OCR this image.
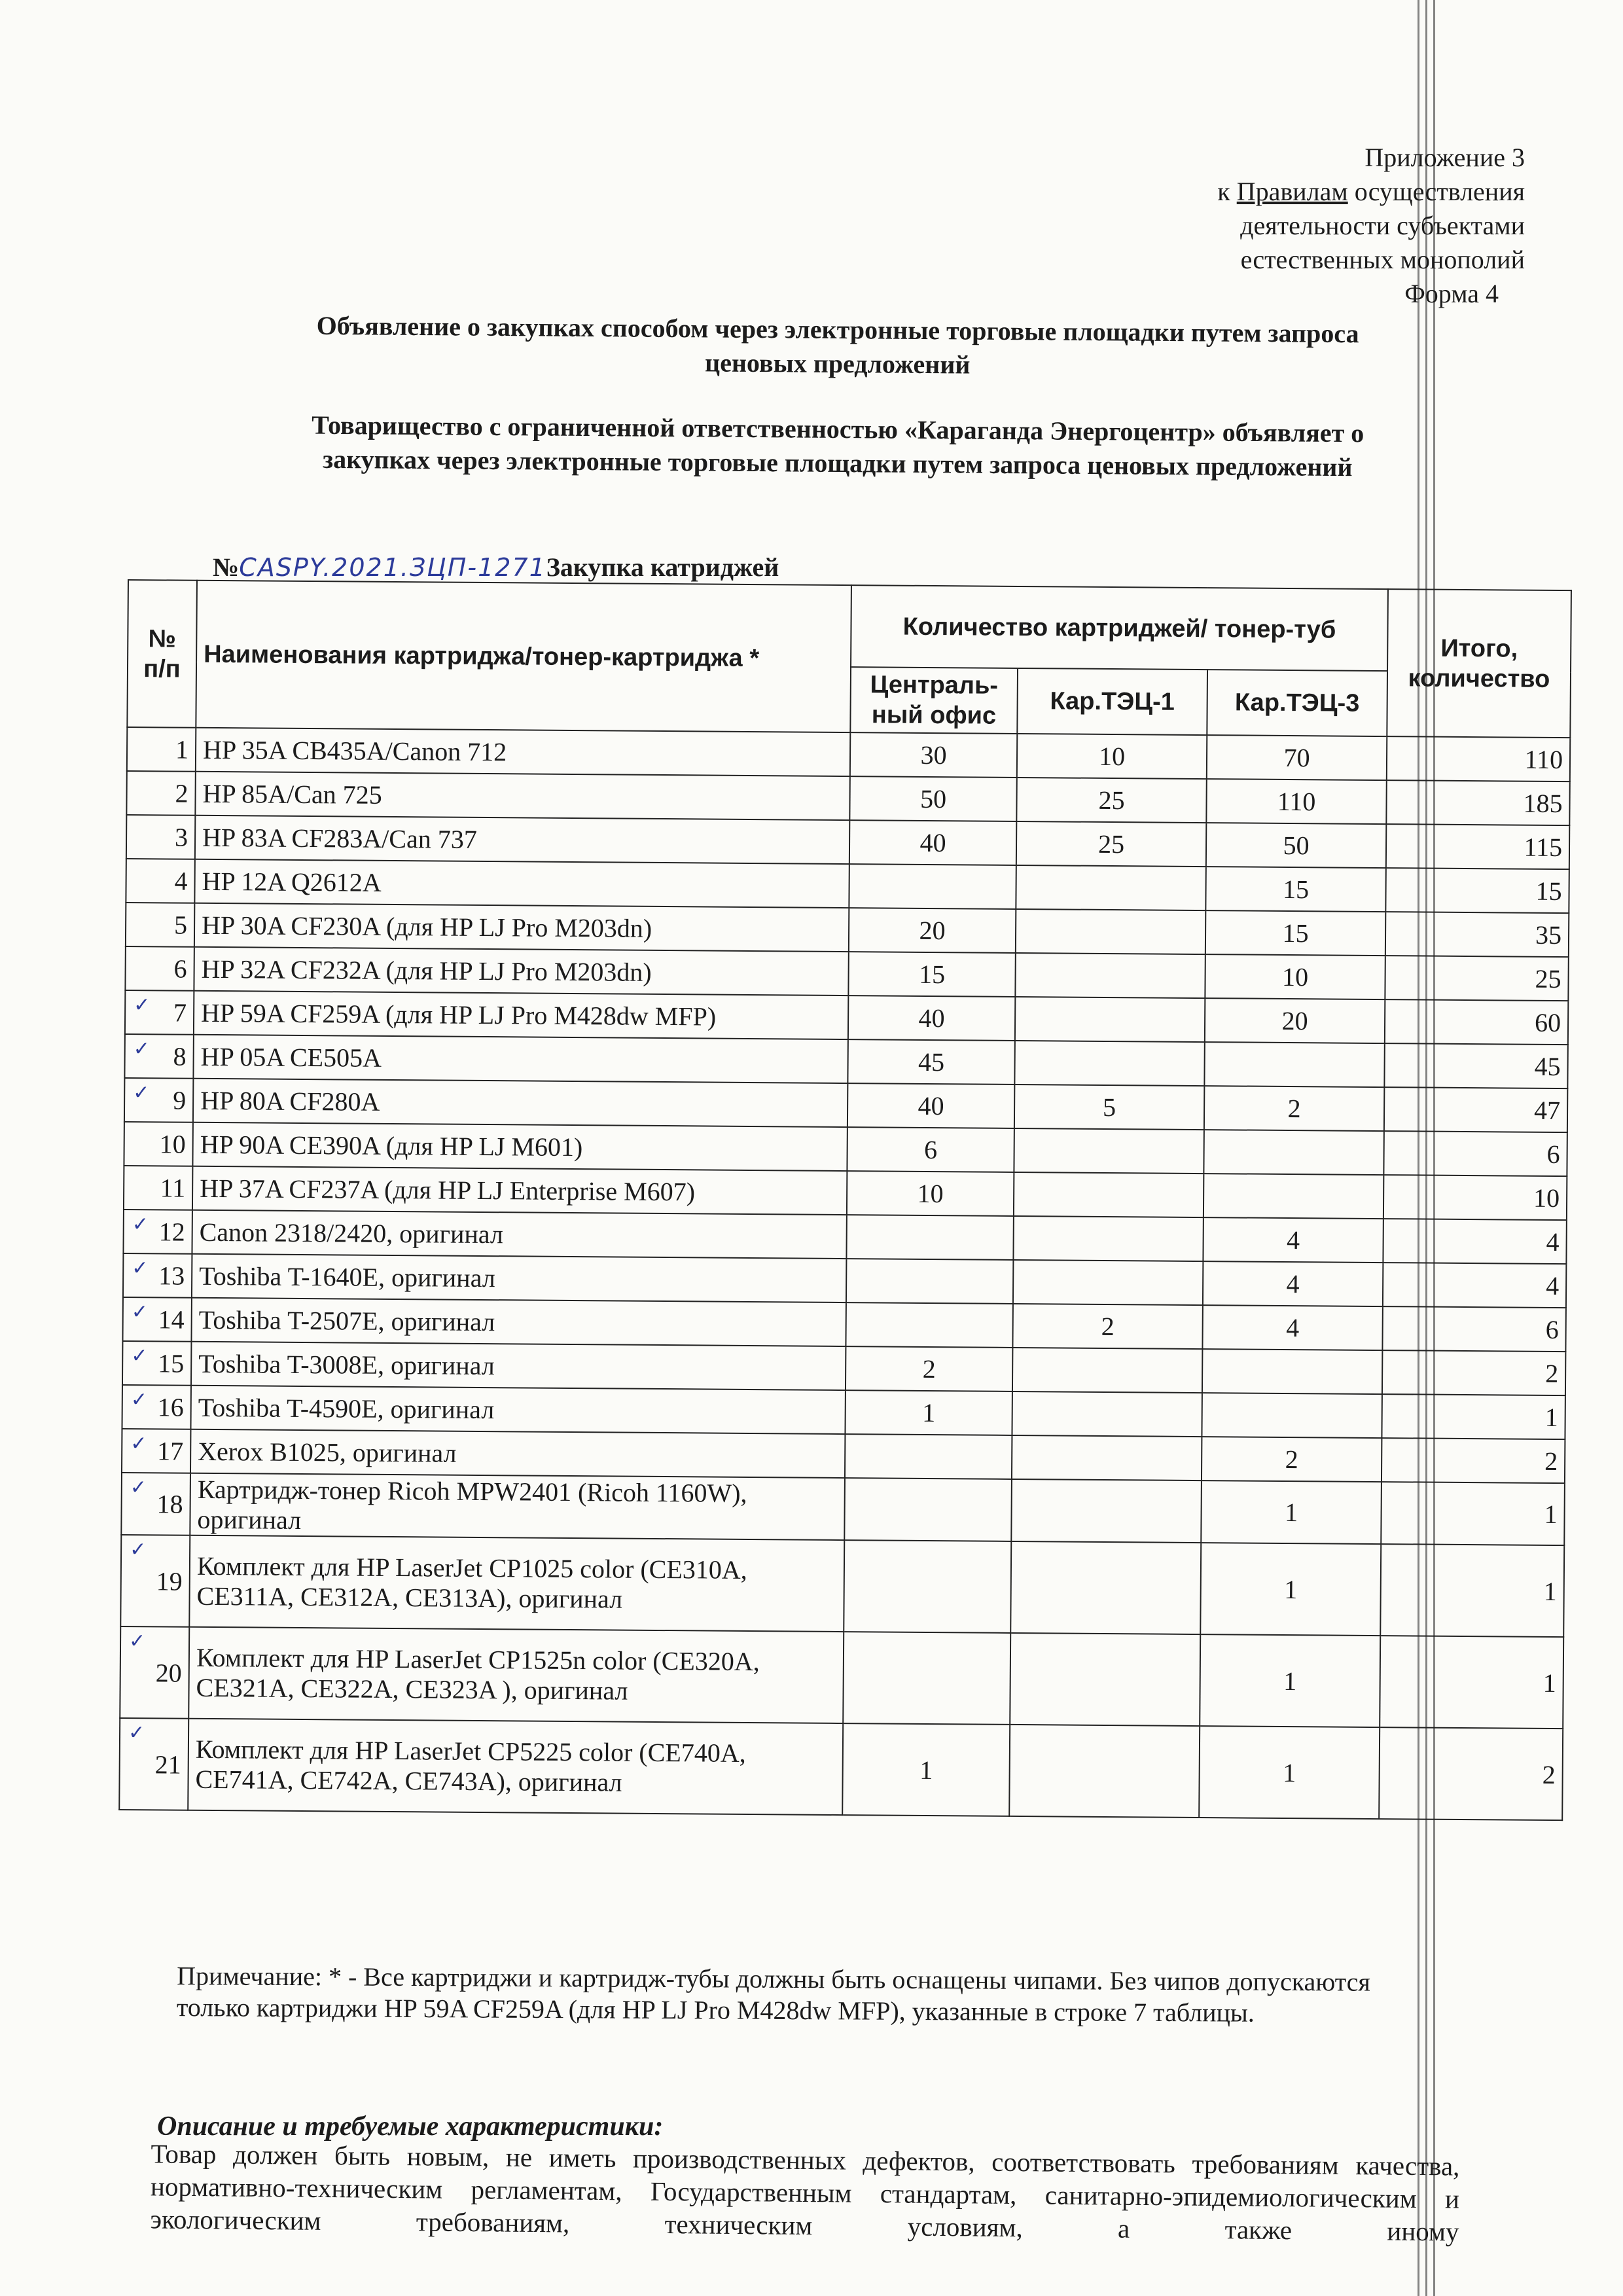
Приложение 3
к Правилам осуществления
деятельности субъектами
естественных монополий
Форма 4
Объявление о закупках способом через электронные торговые площадки путем запроса
ценовых предложений
Товарищество с ограниченной ответственностью «Караганда Энергоцентр» объявляет о
закупках через электронные торговые площадки путем запроса ценовых предложений
№CASPY.2021.ЗЦП-1271Закупка катриджей
№ п/п	Наименования картриджа/тонер-картриджа *	Количество картриджей/ тонер-туб			Итого, количество
		Централь-ный офис	Кар.ТЭЦ-1	Кар.ТЭЦ-3	
1	HP 35A CB435A/Canon 712	30	10	70	110
2	HP 85A/Can 725	50	25	110	185
3	HP 83A CF283A/Can 737	40	25	50	115
4	HP 12A Q2612A			15	15
5	HP 30A CF230A (для HP LJ Pro M203dn)	20		15	35
6	HP 32A CF232A (для HP LJ Pro M203dn)	15		10	25

✓ 7	HP 59A CF259A (для HP LJ Pro M428dw MFP)	40		20	60

✓ 8	HP 05A CE505A	45			45

✓ 9	HP 80A CF280A	40	5	2	47
10	HP 90A CE390A (для HP LJ M601)	6			6
11	HP 37A CF237A (для HP LJ Enterprise M607)	10			10

✓ 12	Canon 2318/2420, оригинал			4	4

✓ 13	Toshiba T-1640E, оригинал			4	4

✓ 14	Toshiba T-2507E, оригинал		2	4	6

✓ 15	Toshiba T-3008E, оригинал	2			2

✓ 16	Toshiba T-4590E, оригинал	1			1

✓ 17	Xerox B1025, оригинал			2	2

✓
18	Картридж-тонер Ricoh MPW2401 (Ricoh 1160W), оригинал			1	1

✓
19	Комплект для HP LaserJet CP1025 color (CE310A, CE311A, CE312A, CE313A), оригинал			1	1

✓
20	Комплект для HP LaserJet CP1525n color (CE320A, CE321A, CE322A, CE323A ), оригинал			1	1

✓
21	Комплект для HP LaserJet CP5225 color (CE740A, CE741A, CE742A, CE743A), оригинал	1		1	2
Примечание: * - Все картриджи и картридж-тубы должны быть оснащены чипами. Без чипов допускаются только картриджи HP 59A CF259A (для HP LJ Pro M428dw MFP), указанные в строке 7 таблицы.
Описание и требуемые характеристики:
Товар должен быть новым, не иметь производственных дефектов, соответствовать требованиям качества, нормативно-техническим регламентам, Государственным стандартам, санитарно-эпидемиологическим и экологическим требованиям, техническим условиям, а также иному
